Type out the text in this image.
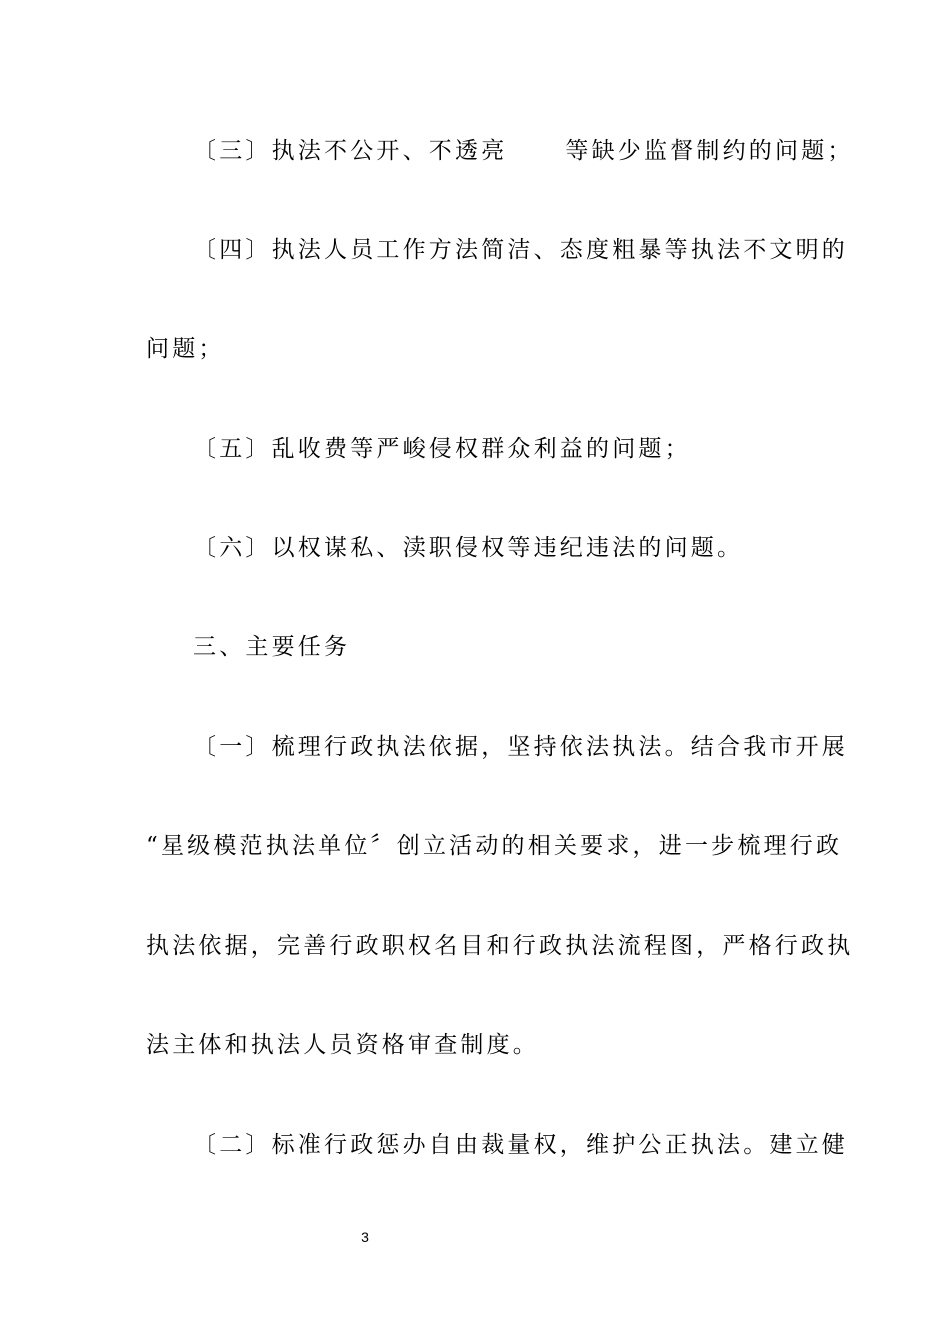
〔三〕执法不公开、不透亮	等缺少监督制约的问题；
〔四〕执法人员工作方法简洁、态度粗暴等执法不文明的
问题；
〔五〕乱收费等严峻侵权群众利益的问题；
〔六〕以权谋私、渎职侵权等违纪违法的问题。
三、主要任务
〔一〕梳理行政执法依据，坚持依法执法。结合我市开展
“星级模范执法单位〞创立活动的相关要求，进一步梳理行政
执法依据，完善行政职权名目和行政执法流程图，严格行政执
法主体和执法人员资格审查制度。
〔二〕标准行政惩办自由裁量权，维护公正执法。建立健
3
